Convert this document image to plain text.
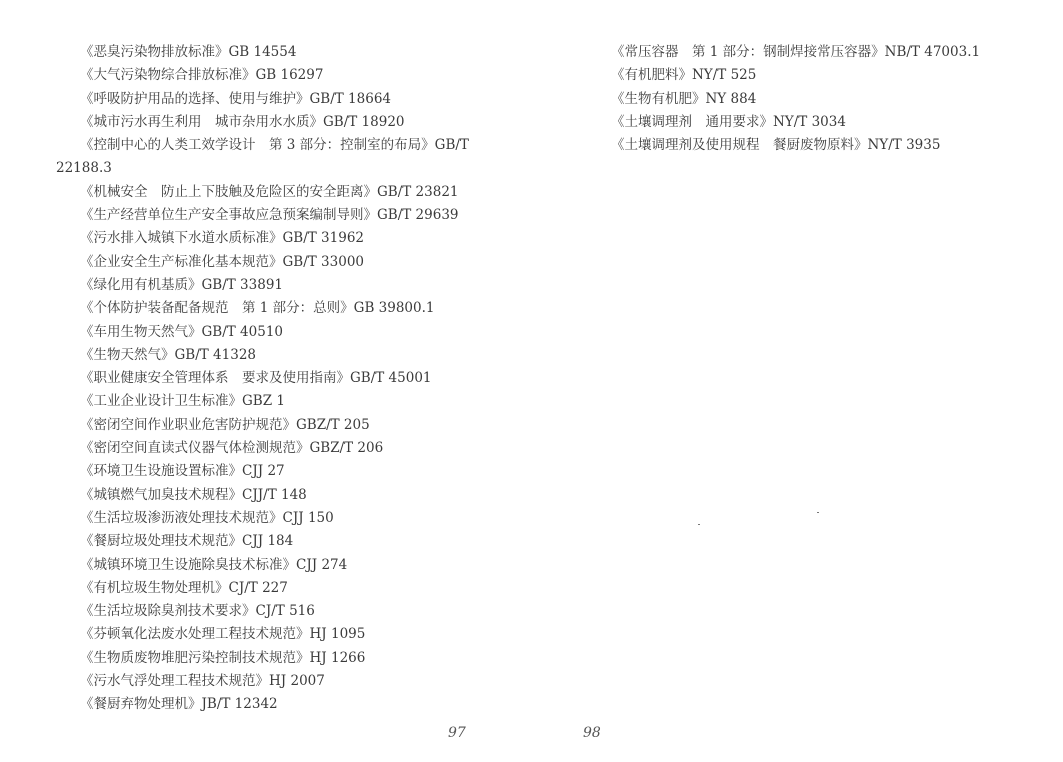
《恶臭污染物排放标准》GB 14554
《大气污染物综合排放标准》GB 16297
《呼吸防护用品的选择、使用与维护》GB/T 18664
《城市污水再生利用　城市杂用水水质》GB/T 18920
《控制中心的人类工效学设计　第 3 部分：控制室的布局》GB/T 22188.3
《机械安全　防止上下肢触及危险区的安全距离》GB/T 23821
《生产经营单位生产安全事故应急预案编制导则》GB/T 29639
《污水排入城镇下水道水质标准》GB/T 31962
《企业安全生产标准化基本规范》GB/T 33000
《绿化用有机基质》GB/T 33891
《个体防护装备配备规范　第 1 部分：总则》GB 39800.1
《车用生物天然气》GB/T 40510
《生物天然气》GB/T 41328
《职业健康安全管理体系　要求及使用指南》GB/T 45001
《工业企业设计卫生标准》GBZ 1
《密闭空间作业职业危害防护规范》GBZ/T 205
《密闭空间直读式仪器气体检测规范》GBZ/T 206
《环境卫生设施设置标准》CJJ 27
《城镇燃气加臭技术规程》CJJ/T 148
《生活垃圾渗沥液处理技术规范》CJJ 150
《餐厨垃圾处理技术规范》CJJ 184
《城镇环境卫生设施除臭技术标准》CJJ 274
《有机垃圾生物处理机》CJ/T 227
《生活垃圾除臭剂技术要求》CJ/T 516
《芬顿氧化法废水处理工程技术规范》HJ 1095
《生物质废物堆肥污染控制技术规范》HJ 1266
《污水气浮处理工程技术规范》HJ 2007
《餐厨弃物处理机》JB/T 12342
97
《常压容器　第 1 部分：钢制焊接常压容器》NB/T 47003.1
《有机肥料》NY/T 525
《生物有机肥》NY 884
《土壤调理剂　通用要求》NY/T 3034
《土壤调理剂及使用规程　餐厨废物原料》NY/T 3935
98
